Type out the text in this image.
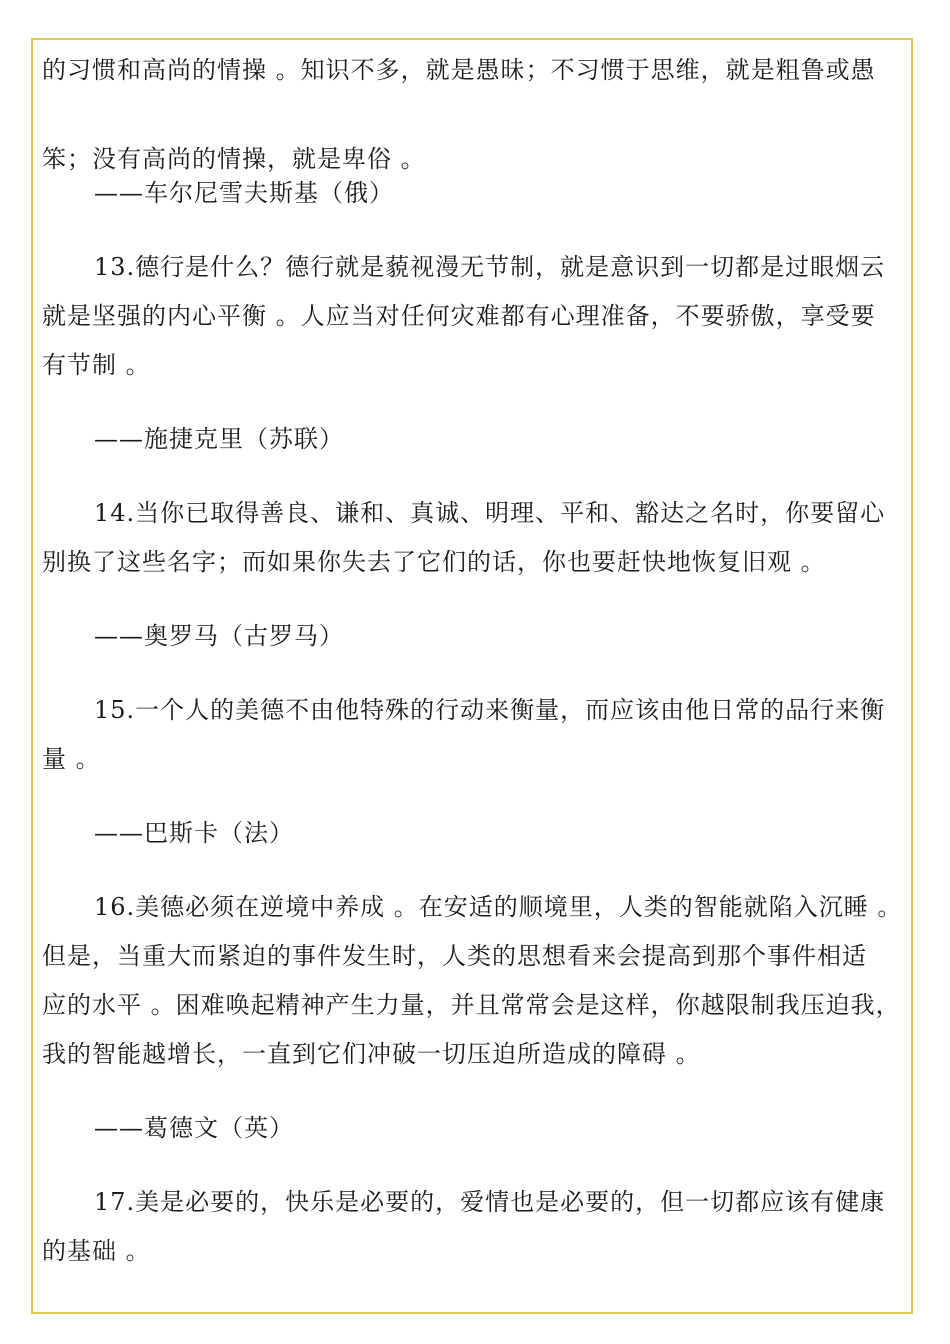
的习惯和高尚的情操 。知识不多，就是愚昧；不习惯于思维，就是粗鲁或愚
笨；没有高尚的情操，就是卑俗 。
——车尔尼雪夫斯基（俄）
13.德行是什么？德行就是藐视漫无节制，就是意识到一切都是过眼烟云
就是坚强的内心平衡 。人应当对任何灾难都有心理准备，不要骄傲，享受要
有节制 。
——施捷克里（苏联）
14.当你已取得善良、谦和、真诚、明理、平和、豁达之名时，你要留心
别换了这些名字；而如果你失去了它们的话，你也要赶快地恢复旧观 。
——奥罗马（古罗马）
15.一个人的美德不由他特殊的行动来衡量，而应该由他日常的品行来衡
量 。
——巴斯卡（法）
16.美德必须在逆境中养成 。在安适的顺境里，人类的智能就陷入沉睡 。
但是，当重大而紧迫的事件发生时，人类的思想看来会提高到那个事件相适
应的水平 。困难唤起精神产生力量，并且常常会是这样，你越限制我压迫我，
我的智能越增长，一直到它们冲破一切压迫所造成的障碍 。
——葛德文（英）
17.美是必要的，快乐是必要的，爱情也是必要的，但一切都应该有健康
的基础 。
